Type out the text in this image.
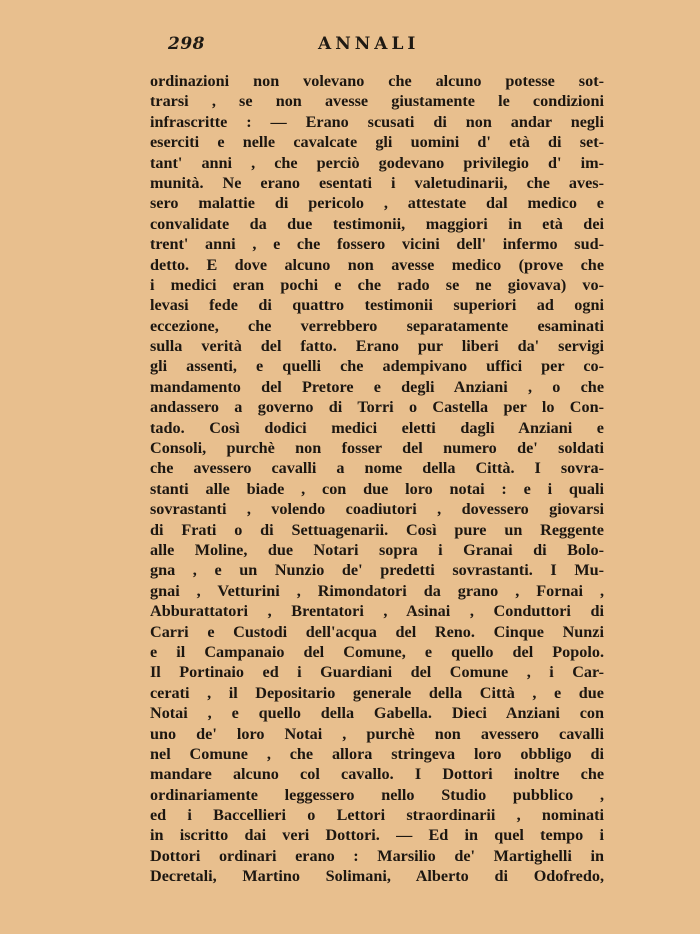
298	ANNALI
ordinazioni non volevano che alcuno potesse sot-
trarsi , se non avesse giustamente le condizioni
infrascritte : — Erano scusati di non andar negli
eserciti e nelle cavalcate gli uomini d' età di set-
tant' anni , che perciò godevano privilegio d' im-
munità. Ne erano esentati i valetudinarii, che aves-
sero malattie di pericolo , attestate dal medico e
convalidate da due testimonii, maggiori in età dei
trent' anni , e che fossero vicini dell' infermo sud-
detto. E dove alcuno non avesse medico (prove che
i medici eran pochi e che rado se ne giovava) vo-
levasi fede di quattro testimonii superiori ad ogni
eccezione, che verrebbero separatamente esaminati
sulla verità del fatto. Erano pur liberi da' servigi
gli assenti, e quelli che adempivano uffici per co-
mandamento del Pretore e degli Anziani , o che
andassero a governo di Torri o Castella per lo Con-
tado. Così dodici medici eletti dagli Anziani e
Consoli, purchè non fosser del numero de' soldati
che avessero cavalli a nome della Città. I sovra-
stanti alle biade , con due loro notai : e i quali
sovrastanti , volendo coadiutori , dovessero giovarsi
di Frati o di Settuagenarii. Così pure un Reggente
alle Moline, due Notari sopra i Granai di Bolo-
gna , e un Nunzio de' predetti sovrastanti. I Mu-
gnai , Vetturini , Rimondatori da grano , Fornai ,
Abburattatori , Brentatori , Asinai , Conduttori di
Carri e Custodi dell'acqua del Reno. Cinque Nunzi
e il Campanaio del Comune, e quello del Popolo.
Il Portinaio ed i Guardiani del Comune , i Car-
cerati , il Depositario generale della Città , e due
Notai , e quello della Gabella. Dieci Anziani con
uno de' loro Notai , purchè non avessero cavalli
nel Comune , che allora stringeva loro obbligo di
mandare alcuno col cavallo. I Dottori inoltre che
ordinariamente leggessero nello Studio pubblico ,
ed i Baccellieri o Lettori straordinarii , nominati
in iscritto dai veri Dottori. — Ed in quel tempo i
Dottori ordinari erano : Marsilio de' Martighelli in
Decretali, Martino Solimani, Alberto di Odofredo,
